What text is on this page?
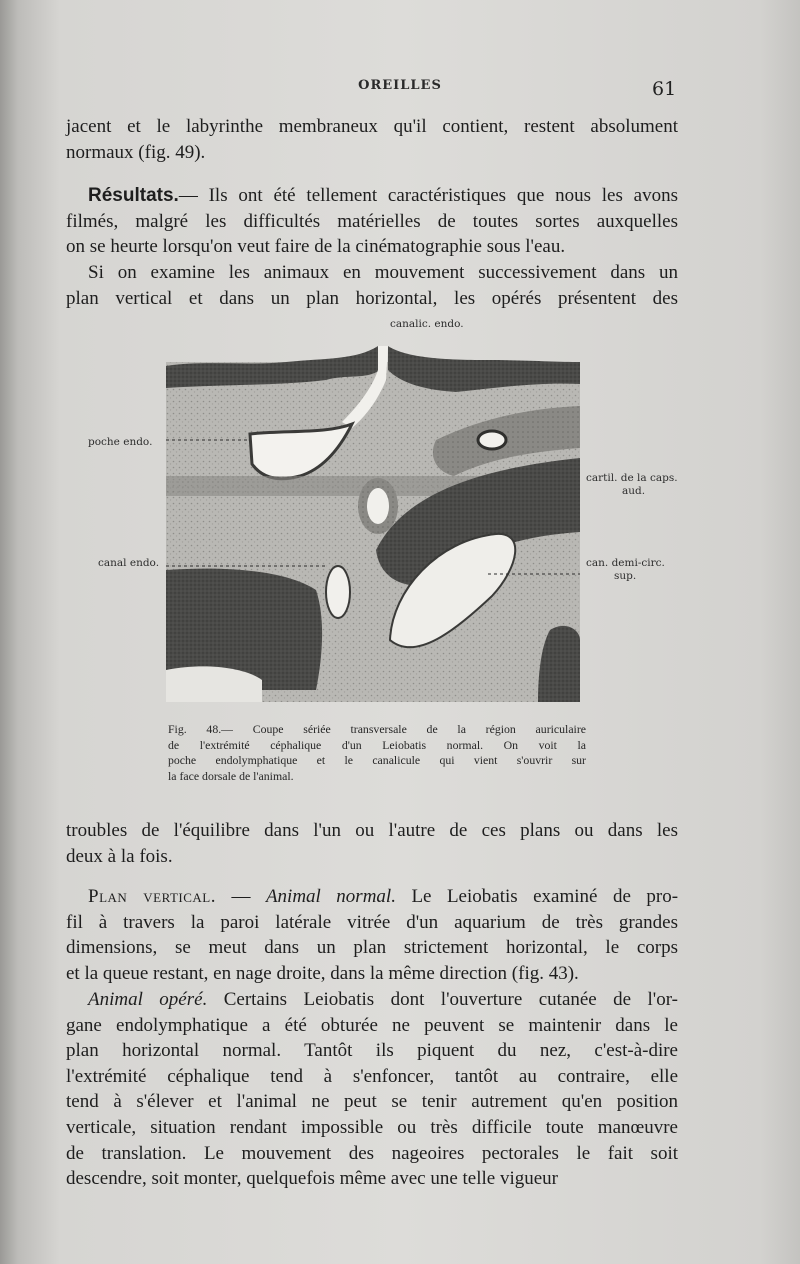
OREILLES	61
jacent et le labyrinthe membraneux qu'il contient, restent absolument
normaux (fig. 49).
Résultats.— Ils ont été tellement caractéristiques que nous les avons
filmés, malgré les difficultés matérielles de toutes sortes auxquelles
on se heurte lorsqu'on veut faire de la cinématographie sous l'eau.
Si on examine les animaux en mouvement successivement dans un
plan vertical et dans un plan horizontal, les opérés présentent des
canalic. endo.
poche endo.
cartil. de la caps.
aud.
canal endo.	can. demi-circ.
sup.
Fig. 48.— Coupe sériée transversale de la région auriculaire
de l'extrémité céphalique d'un Leiobatis normal. On voit la
poche endolymphatique et le canalicule qui vient s'ouvrir sur
la face dorsale de l'animal.
troubles de l'équilibre dans l'un ou l'autre de ces plans ou dans les
deux à la fois.
Plan vertical. — Animal normal. Le Leiobatis examiné de pro-
fil à travers la paroi latérale vitrée d'un aquarium de très grandes
dimensions, se meut dans un plan strictement horizontal, le corps
et la queue restant, en nage droite, dans la même direction (fig. 43).
Animal opéré. Certains Leiobatis dont l'ouverture cutanée de l'or-
gane endolymphatique a été obturée ne peuvent se maintenir dans le
plan horizontal normal. Tantôt ils piquent du nez, c'est-à-dire
l'extrémité céphalique tend à s'enfoncer, tantôt au contraire, elle
tend à s'élever et l'animal ne peut se tenir autrement qu'en position
verticale, situation rendant impossible ou très difficile toute manœuvre
de translation. Le mouvement des nageoires pectorales le fait soit
descendre, soit monter, quelquefois même avec une telle vigueur
